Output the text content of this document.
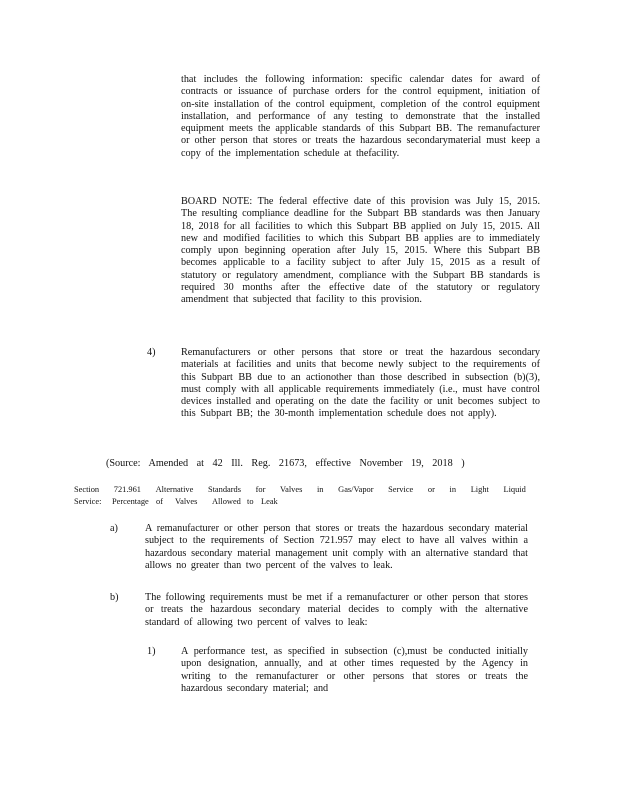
that includes the following information: specific calendar dates for award of contracts or issuance of purchase orders for the control equipment, initiation of on-site installation of the control equipment, completion of the control equipment installation, and performance of any testing to demonstrate that the installed equipment meets the applicable standards of this Subpart BB. The remanufacturer or other person that stores or treats the hazardous secondarymaterial must keep a copy of the implementation schedule at thefacility.
BOARD NOTE: The federal effective date of this provision was July 15, 2015. The resulting compliance deadline for the Subpart BB standards was then January 18, 2018 for all facilities to which this Subpart BB applied on July 15, 2015. All new and modified facilities to which this Subpart BB applies are to immediately comply upon beginning operation after July 15, 2015. Where this Subpart BB becomes applicable to a facility subject to after July 15, 2015 as a result of statutory or regulatory amendment, compliance with the Subpart BB standards is required 30 months after the effective date of the statutory or regulatory amendment that subjected that facility to this provision.
4)	Remanufacturers or other persons that store or treat the hazardous secondary materials at facilities and units that become newly subject to the requirements of this Subpart BB due to an actionother than those described in subsection (b)(3), must comply with all applicable requirements immediately (i.e., must have control devices installed and operating on the date the facility or unit becomes subject to this Subpart BB; the 30-month implementation schedule does not apply).
(Source: Amended at 42 Ill. Reg. 21673, effective November 19, 2018 )
Section 721.961 Alternative Standards for Valves in Gas/Vapor Service or in Light Liquid
Service:	Percentage of	Valves	Allowed to Leak
a)	A remanufacturer or other person that stores or treats the hazardous secondary material subject to the requirements of Section 721.957 may elect to have all valves within a hazardous secondary material management unit comply with an alternative standard that allows no greater than two percent of the valves to leak.
b)	The following requirements must be met if a remanufacturer or other person that stores or treats the hazardous secondary material decides to comply with the alternative standard of allowing two percent of valves to leak:
1)	A performance test, as specified in subsection (c),must be conducted initially upon designation, annually, and at other times requested by the Agency in writing to the remanufacturer or other persons that stores or treats the hazardous secondary material; and
